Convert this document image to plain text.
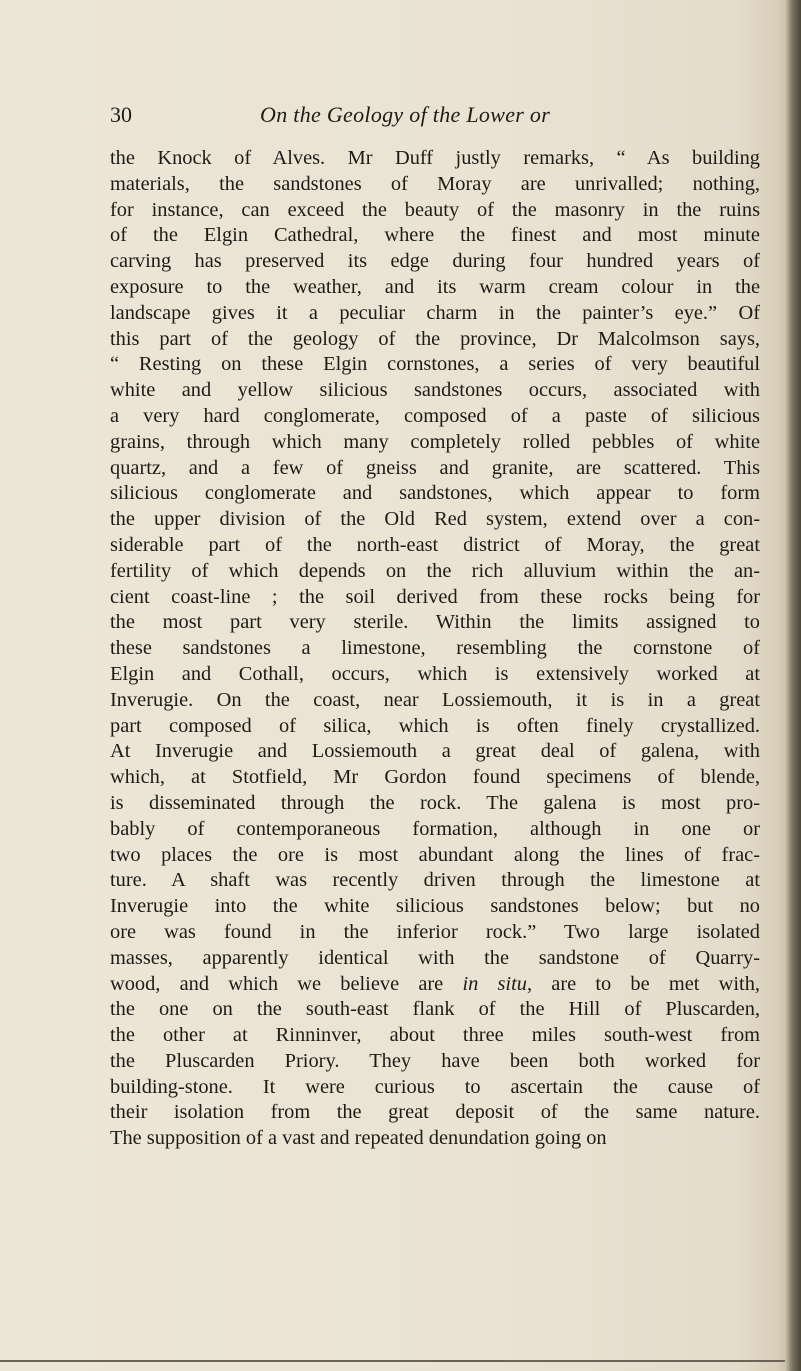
30	On the Geology of the Lower or
the Knock of Alves. Mr Duff justly remarks, “ As building
materials, the sandstones of Moray are unrivalled; nothing,
for instance, can exceed the beauty of the masonry in the ruins
of the Elgin Cathedral, where the finest and most minute
carving has preserved its edge during four hundred years of
exposure to the weather, and its warm cream colour in the
landscape gives it a peculiar charm in the painter’s eye.” Of
this part of the geology of the province, Dr Malcolmson says,
“ Resting on these Elgin cornstones, a series of very beautiful
white and yellow silicious sandstones occurs, associated with
a very hard conglomerate, composed of a paste of silicious
grains, through which many completely rolled pebbles of white
quartz, and a few of gneiss and granite, are scattered. This
silicious conglomerate and sandstones, which appear to form
the upper division of the Old Red system, extend over a con-
siderable part of the north-east district of Moray, the great
fertility of which depends on the rich alluvium within the an-
cient coast-line ; the soil derived from these rocks being for
the most part very sterile. Within the limits assigned to
these sandstones a limestone, resembling the cornstone of
Elgin and Cothall, occurs, which is extensively worked at
Inverugie. On the coast, near Lossiemouth, it is in a great
part composed of silica, which is often finely crystallized.
At Inverugie and Lossiemouth a great deal of galena, with
which, at Stotfield, Mr Gordon found specimens of blende,
is disseminated through the rock. The galena is most pro-
bably of contemporaneous formation, although in one or
two places the ore is most abundant along the lines of frac-
ture. A shaft was recently driven through the limestone at
Inverugie into the white silicious sandstones below; but no
ore was found in the inferior rock.” Two large isolated
masses, apparently identical with the sandstone of Quarry-
wood, and which we believe are in situ, are to be met with,
the one on the south-east flank of the Hill of Pluscarden,
the other at Rinninver, about three miles south-west from
the Pluscarden Priory. They have been both worked for
building-stone. It were curious to ascertain the cause of
their isolation from the great deposit of the same nature.
The supposition of a vast and repeated denundation going on
